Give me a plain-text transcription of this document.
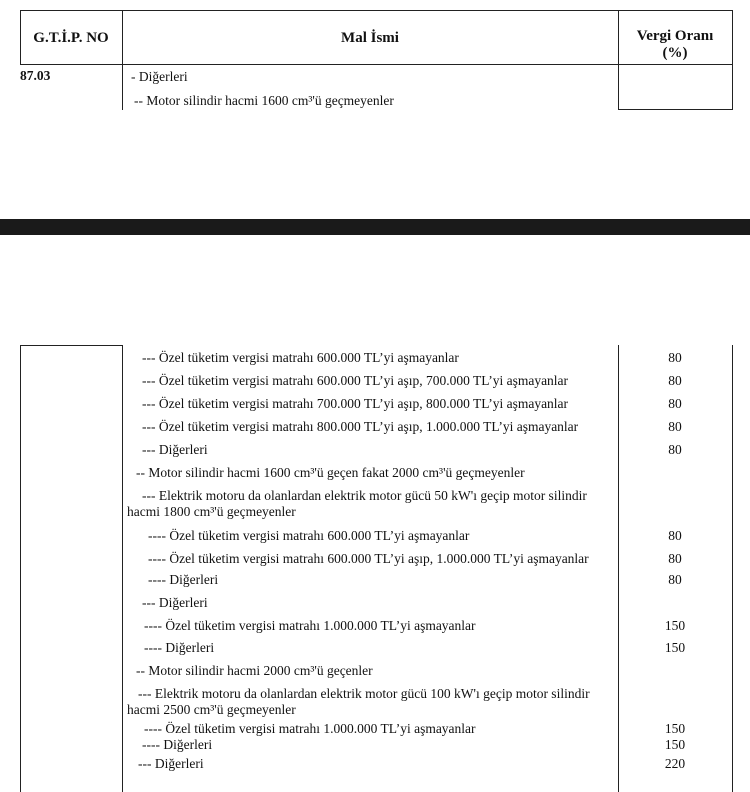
G.T.İ.P. NO	Mal İsmi	Vergi Oranı
(%)
87.03	- Diğerleri
-- Motor silindir hacmi 1600 cm³'ü geçmeyenler
--- Özel tüketim vergisi matrahı 600.000 TL’yi aşmayanlar	80
--- Özel tüketim vergisi matrahı 600.000 TL’yi aşıp, 700.000 TL’yi aşmayanlar	80
--- Özel tüketim vergisi matrahı 700.000 TL’yi aşıp, 800.000 TL’yi aşmayanlar	80
--- Özel tüketim vergisi matrahı 800.000 TL’yi aşıp, 1.000.000 TL’yi aşmayanlar	80
--- Diğerleri	80
-- Motor silindir hacmi 1600 cm³'ü geçen fakat 2000 cm³'ü geçmeyenler
--- Elektrik motoru da olanlardan elektrik motor gücü 50 kW'ı geçip motor silindir
hacmi 1800 cm³'ü geçmeyenler
---- Özel tüketim vergisi matrahı 600.000 TL’yi aşmayanlar	80
---- Özel tüketim vergisi matrahı 600.000 TL’yi aşıp, 1.000.000 TL’yi aşmayanlar	80
---- Diğerleri	80
--- Diğerleri
---- Özel tüketim vergisi matrahı 1.000.000 TL’yi aşmayanlar	150
---- Diğerleri	150
-- Motor silindir hacmi 2000 cm³'ü geçenler
--- Elektrik motoru da olanlardan elektrik motor gücü 100 kW'ı geçip motor silindir
hacmi 2500 cm³'ü geçmeyenler
---- Özel tüketim vergisi matrahı 1.000.000 TL’yi aşmayanlar	150
---- Diğerleri	150
--- Diğerleri	220
